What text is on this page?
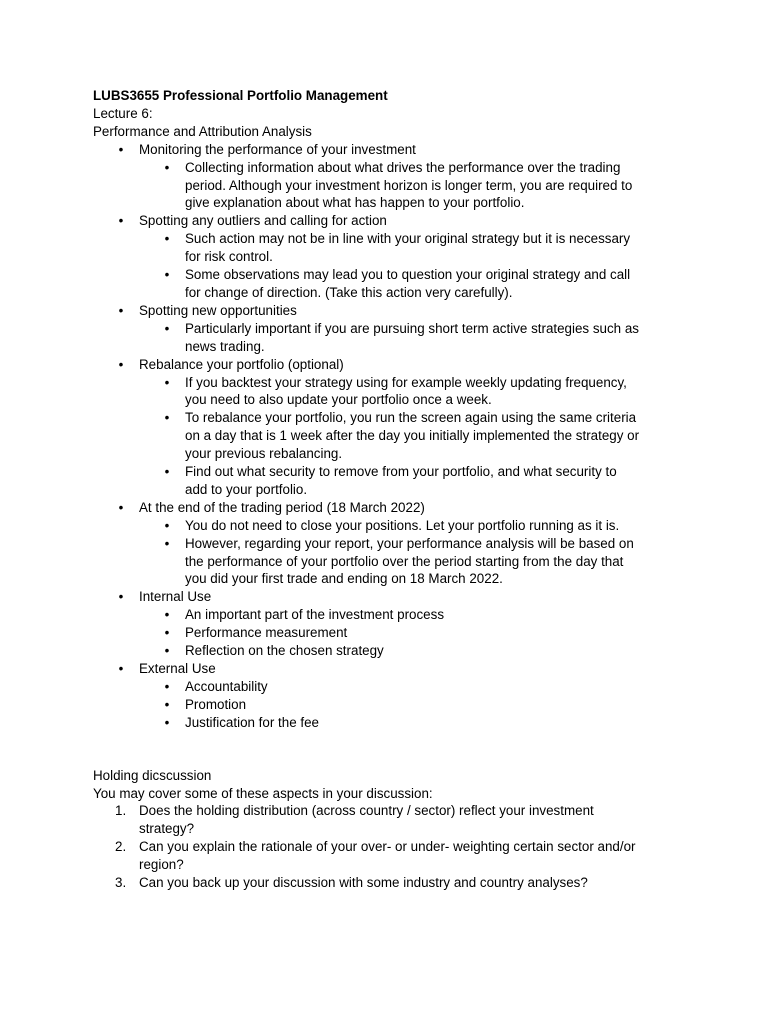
LUBS3655 Professional Portfolio Management

Lecture 6:

Performance and Attribution Analysis

• Monitoring the performance of your investment
• Collecting information about what drives the performance over the trading
period. Although your investment horizon is longer term, you are required to
give explanation about what has happen to your portfolio.
• Spotting any outliers and calling for action
• Such action may not be in line with your original strategy but it is necessary
for risk control.
• Some observations may lead you to question your original strategy and call
for change of direction. (Take this action very carefully).
• Spotting new opportunities
• Particularly important if you are pursuing short term active strategies such as
news trading.
• Rebalance your portfolio (optional)
• If you backtest your strategy using for example weekly updating frequency,
you need to also update your portfolio once a week.
• To rebalance your portfolio, you run the screen again using the same criteria
on a day that is 1 week after the day you initially implemented the strategy or
your previous rebalancing.
• Find out what security to remove from your portfolio, and what security to
add to your portfolio.
• At the end of the trading period (18 March 2022)
• You do not need to close your positions. Let your portfolio running as it is.
• However, regarding your report, your performance analysis will be based on
the performance of your portfolio over the period starting from the day that
you did your first trade and ending on 18 March 2022.
• Internal Use
• An important part of the investment process
• Performance measurement
• Reflection on the chosen strategy
• External Use
• Accountability
• Promotion
• Justification for the fee

Holding dicscussion

You may cover some of these aspects in your discussion:

1. Does the holding distribution (across country / sector) reflect your investment
strategy?
2. Can you explain the rationale of your over- or under- weighting certain sector and/or
region?
3. Can you back up your discussion with some industry and country analyses?
